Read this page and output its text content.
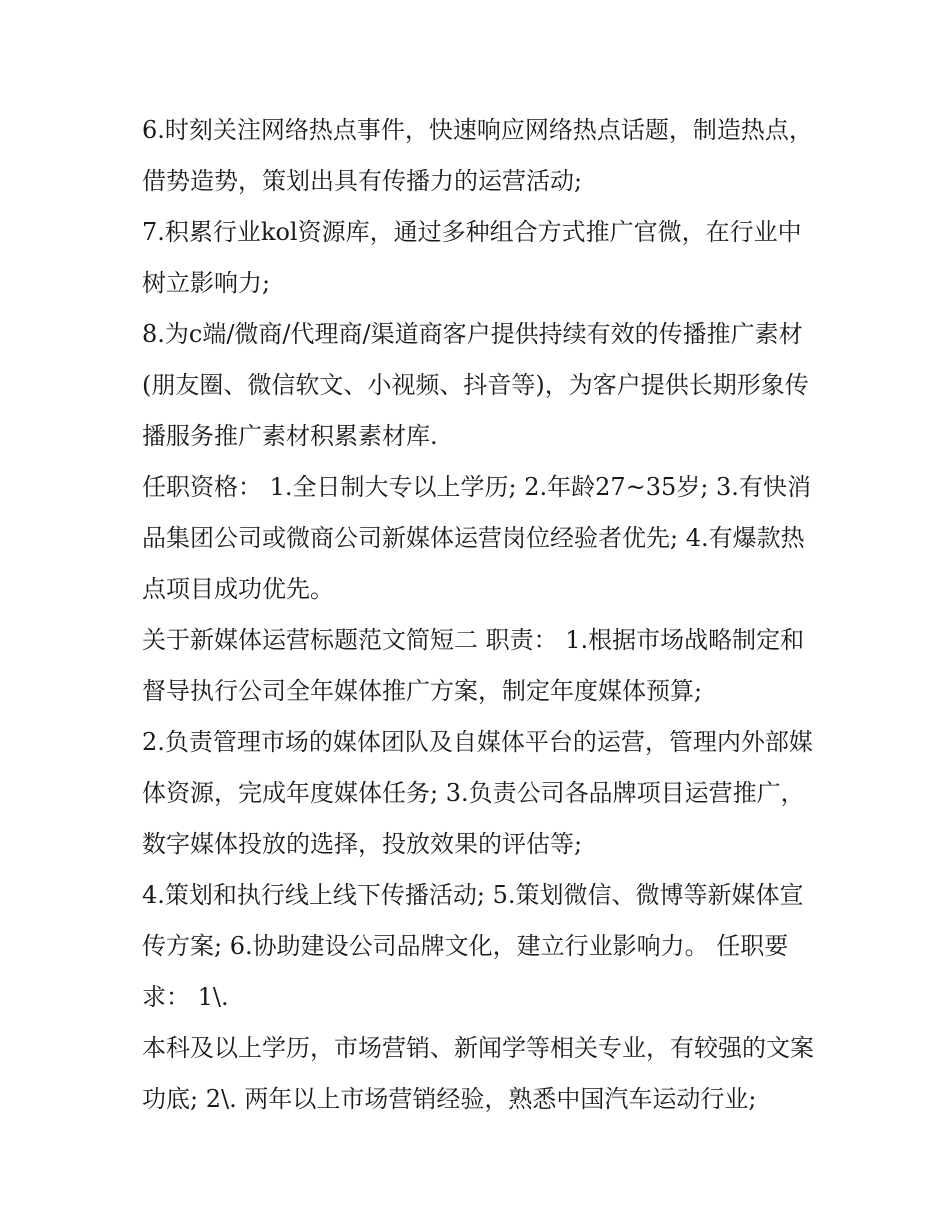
6.时刻关注网络热点事件，快速响应网络热点话题，制造热点，借势造势，策划出具有传播力的运营活动;

7.积累行业kol资源库，通过多种组合方式推广官微，在行业中树立影响力;

8.为c端/微商/代理商/渠道商客户提供持续有效的传播推广素材(朋友圈、微信软文、小视频、抖音等)，为客户提供长期形象传播服务推广素材积累素材库.

任职资格： 1.全日制大专以上学历; 2.年龄27~35岁; 3.有快消品集团公司或微商公司新媒体运营岗位经验者优先; 4.有爆款热点项目成功优先。

关于新媒体运营标题范文简短二 职责： 1.根据市场战略制定和督导执行公司全年媒体推广方案，制定年度媒体预算;

2.负责管理市场的媒体团队及自媒体平台的运营，管理内外部媒体资源，完成年度媒体任务; 3.负责公司各品牌项目运营推广，数字媒体投放的选择，投放效果的评估等;

4.策划和执行线上线下传播活动; 5.策划微信、微博等新媒体宣传方案; 6.协助建设公司品牌文化，建立行业影响力。 任职要求： 1\.

本科及以上学历，市场营销、新闻学等相关专业，有较强的文案功底; 2\. 两年以上市场营销经验，熟悉中国汽车运动行业;
